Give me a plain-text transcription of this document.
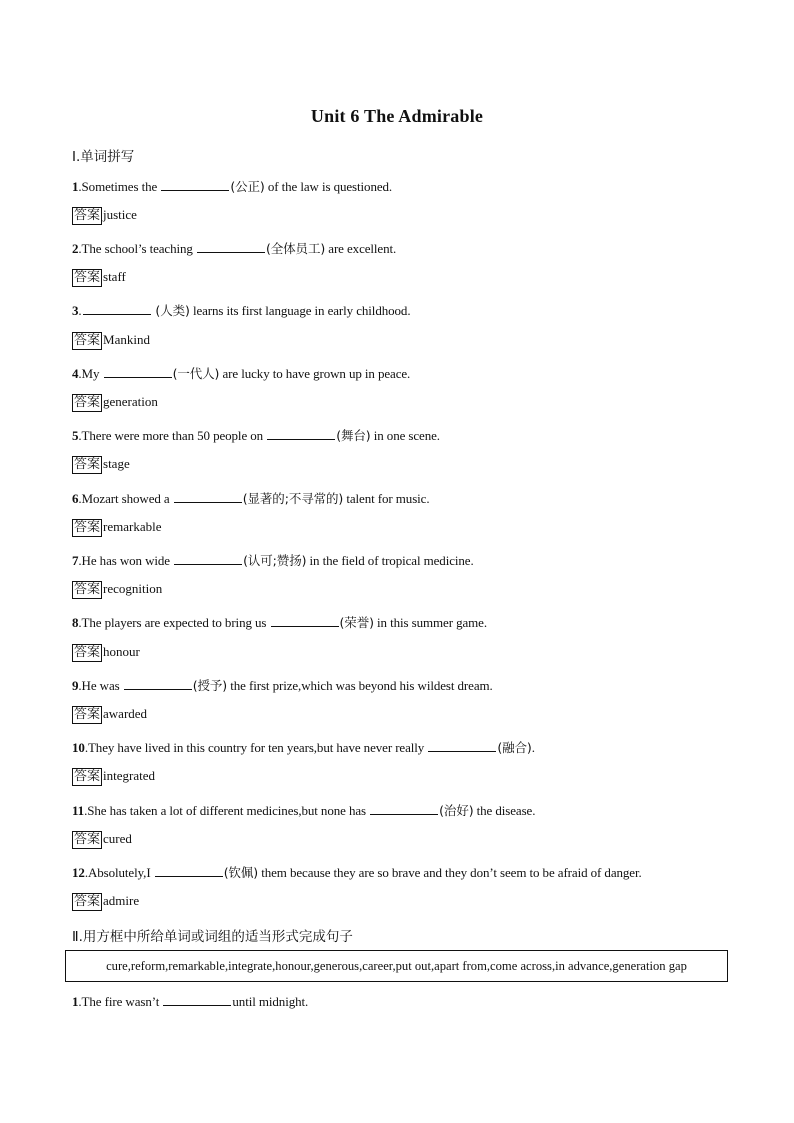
Unit 6 The Admirable
Ⅰ.单词拼写
1.Sometimes the	(公正) of the law is questioned.
答案 justice
2.The school’s teaching	(全体员工) are excellent.
答案 staff
3.	(人类) learns its first language in early childhood.
答案 Mankind
4.My	(一代人) are lucky to have grown up in peace.
答案 generation
5.There were more than 50 people on	(舞台) in one scene.
答案 stage
6.Mozart showed a	(显著的;不寻常的) talent for music.
答案 remarkable
7.He has won wide	(认可;赞扬) in the field of tropical medicine.
答案 recognition
8.The players are expected to bring us	(荣誉) in this summer game.
答案 honour
9.He was	(授予) the first prize,which was beyond his wildest dream.
答案 awarded
10.They have lived in this country for ten years,but have never really	(融合).
答案 integrated
11.She has taken a lot of different medicines,but none has	(治好) the disease.
答案 cured
12.Absolutely,I	(钦佩) them because they are so brave and they don’t seem to be afraid of danger.
答案 admire
Ⅱ.用方框中所给单词或词组的适当形式完成句子
cure,reform,remarkable,integrate,honour,generous,career,put out,apart from,come across,in advance,generation gap
1.The fire wasn’t	until midnight.
